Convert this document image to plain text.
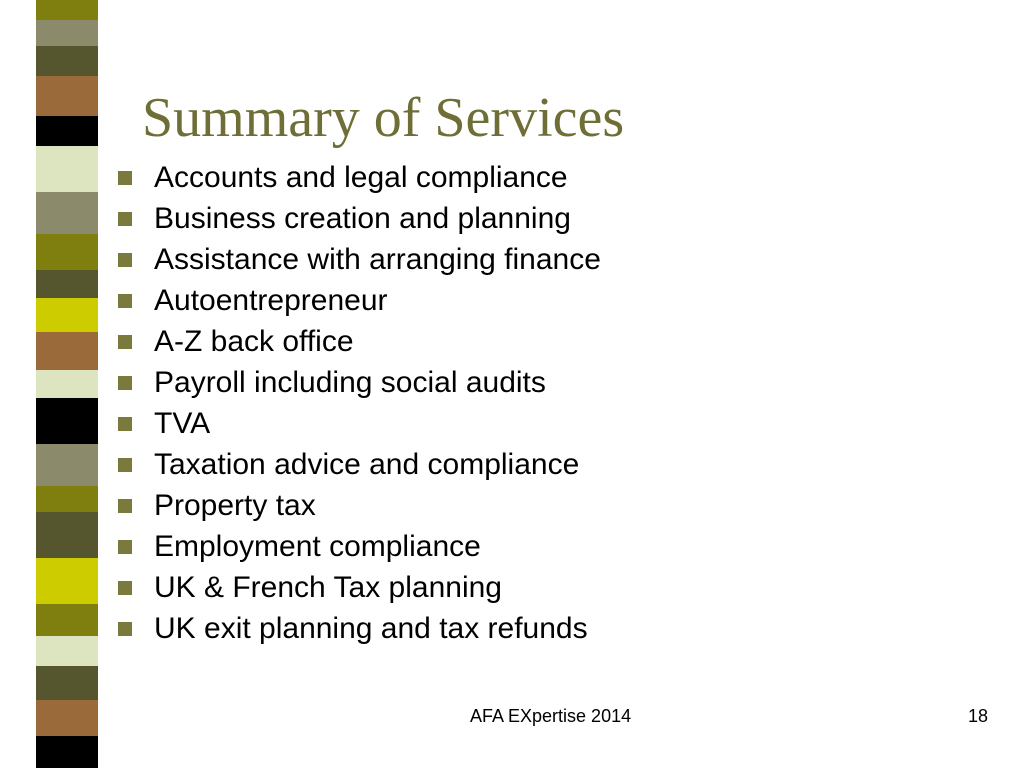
Summary of Services
Accounts and legal compliance
Business creation and planning
Assistance with arranging finance
Autoentrepreneur
A-Z back office
Payroll including social audits
TVA
Taxation advice and compliance
Property tax
Employment compliance
UK & French Tax planning
UK exit planning and tax refunds
AFA EXpertise 2014	18
